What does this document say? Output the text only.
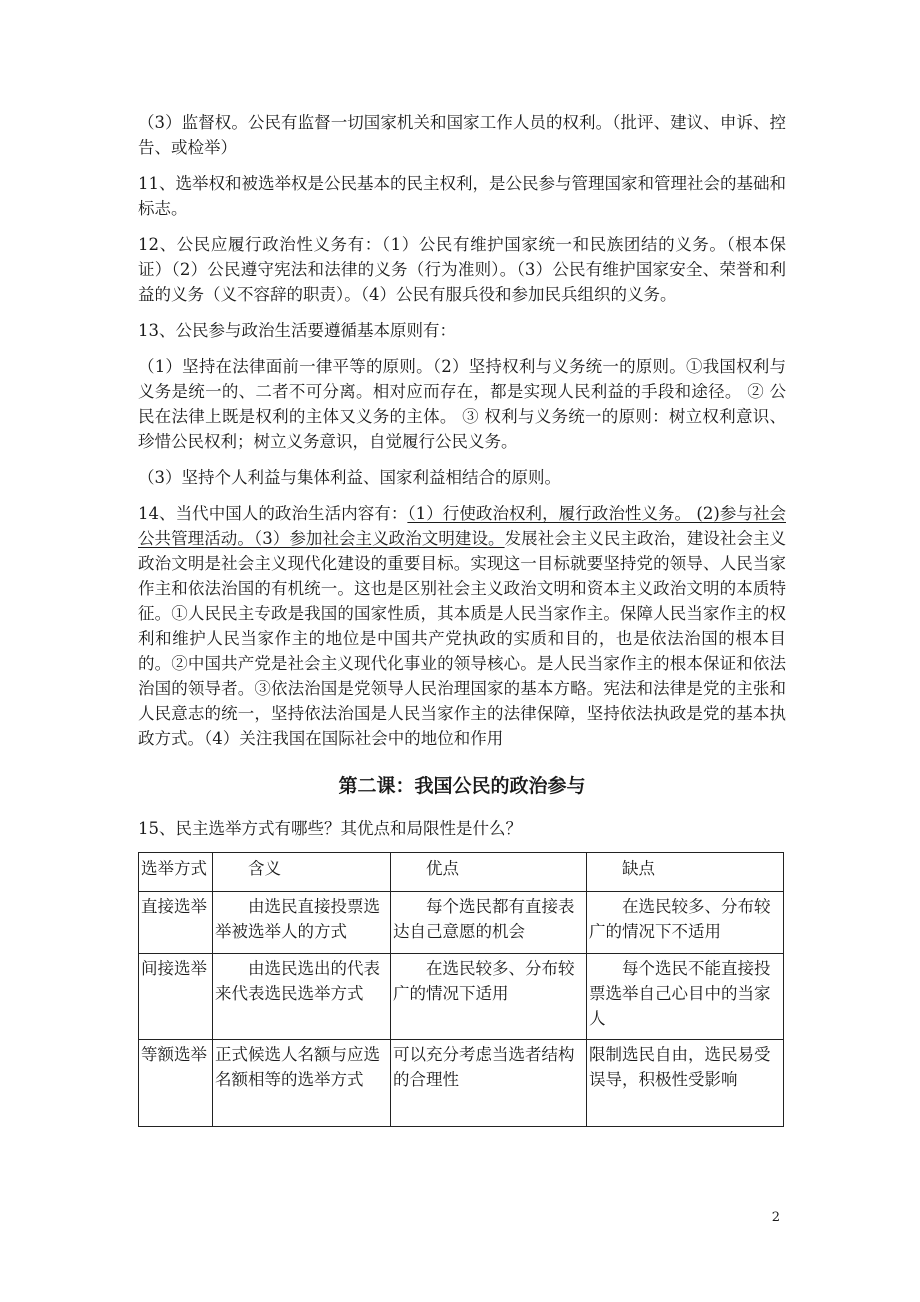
（3）监督权。公民有监督一切国家机关和国家工作人员的权利。（批评、建议、申诉、控告、或检举）

11、选举权和被选举权是公民基本的民主权利，是公民参与管理国家和管理社会的基础和标志。

12、公民应履行政治性义务有：（1）公民有维护国家统一和民族团结的义务。（根本保证）（2）公民遵守宪法和法律的义务（行为准则）。（3）公民有维护国家安全、荣誉和利益的义务（义不容辞的职责）。（4）公民有服兵役和参加民兵组织的义务。

13、公民参与政治生活要遵循基本原则有：

（1）坚持在法律面前一律平等的原则。（2）坚持权利与义务统一的原则。①我国权利与义务是统一的、二者不可分离。相对应而存在，都是实现人民利益的手段和途径。 ② 公民在法律上既是权利的主体又义务的主体。 ③ 权利与义务统一的原则：树立权利意识、珍惜公民权利；树立义务意识，自觉履行公民义务。

（3）坚持个人利益与集体利益、国家利益相结合的原则。

14、当代中国人的政治生活内容有：（1）行使政治权利，履行政治性义务。 (2)参与社会公共管理活动。（3）参加社会主义政治文明建设。发展社会主义民主政治，建设社会主义政治文明是社会主义现代化建设的重要目标。实现这一目标就要坚持党的领导、人民当家作主和依法治国的有机统一。这也是区别社会主义政治文明和资本主义政治文明的本质特征。①人民民主专政是我国的国家性质，其本质是人民当家作主。保障人民当家作主的权利和维护人民当家作主的地位是中国共产党执政的实质和目的，也是依法治国的根本目的。②中国共产党是社会主义现代化事业的领导核心。是人民当家作主的根本保证和依法治国的领导者。③依法治国是党领导人民治理国家的基本方略。宪法和法律是党的主张和人民意志的统一，坚持依法治国是人民当家作主的法律保障，坚持依法执政是党的基本执政方式。（4）关注我国在国际社会中的地位和作用

第二课：我国公民的政治参与

15、民主选举方式有哪些？其优点和局限性是什么？

选举方式	　　含义	　　优点	　　缺点
直接选举	　　由选民直接投票选举被选举人的方式	　　每个选民都有直接表达自己意愿的机会	　　在选民较多、分布较广的情况下不适用
间接选举	　　由选民选出的代表来代表选民选举方式	　　在选民较多、分布较广的情况下适用	　　每个选民不能直接投票选举自己心目中的当家人
等额选举	正式候选人名额与应选名额相等的选举方式	可以充分考虑当选者结构的合理性	限制选民自由，选民易受误导，积极性受影响
2
